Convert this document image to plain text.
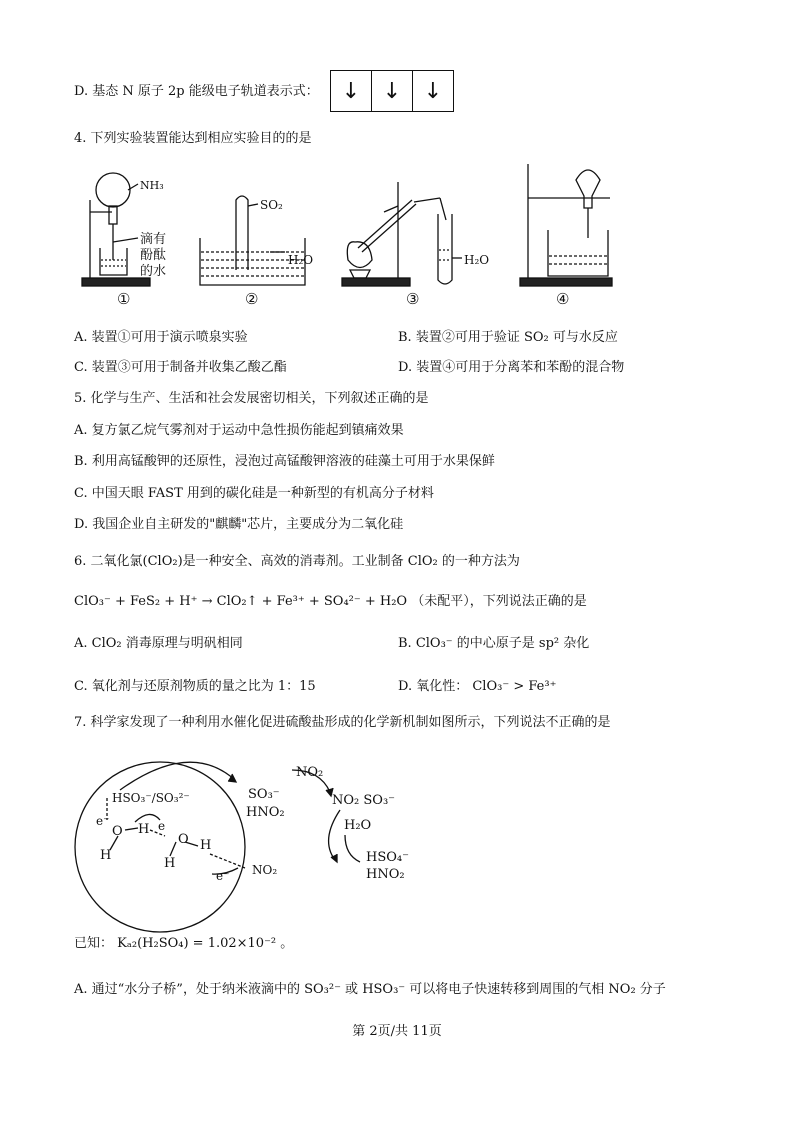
D. 基态 N 原子 2p 能级电子轨道表示式：	↓	↓	↓
4. 下列实验装置能达到相应实验目的的是
NH₃
滴有
酚酞
的水
SO₂
H₂O	H₂O
①	②	③	④
A. 装置①可用于演示喷泉实验	B. 装置②可用于验证 SO₂ 可与水反应
C. 装置③可用于制备并收集乙酸乙酯	D. 装置④可用于分离苯和苯酚的混合物
5. 化学与生产、生活和社会发展密切相关，下列叙述正确的是
A. 复方氯乙烷气雾剂对于运动中急性损伤能起到镇痛效果
B. 利用高锰酸钾的还原性，浸泡过高锰酸钾溶液的硅藻土可用于水果保鲜
C. 中国天眼 FAST 用到的碳化硅是一种新型的有机高分子材料
D. 我国企业自主研发的"麒麟"芯片，主要成分为二氧化硅
6. 二氧化氯(ClO₂)是一种安全、高效的消毒剂。工业制备 ClO₂ 的一种方法为
ClO₃⁻ + FeS₂ + H⁺ → ClO₂↑ + Fe³⁺ + SO₄²⁻ + H₂O （未配平），下列说法正确的是
A. ClO₂ 消毒原理与明矾相同	B. ClO₃⁻ 的中心原子是 sp² 杂化
C. 氧化剂与还原剂物质的量之比为 1：15	D. 氧化性： ClO₃⁻ > Fe³⁺
7. 科学家发现了一种利用水催化促进硫酸盐形成的化学新机制如图所示，下列说法不正确的是
HSO₃⁻/SO₃²⁻
e⁻	e
O H
H
O
H
H
NO₂
e⁻
SO₃⁻
HNO₂
NO₂
NO₂ SO₃⁻
H₂O
HSO₄⁻
HNO₂
已知： Kₐ₂(H₂SO₄) = 1.02×10⁻² 。
A. 通过“水分子桥”，处于纳米液滴中的 SO₃²⁻ 或 HSO₃⁻ 可以将电子快速转移到周围的气相 NO₂ 分子
第 2页/共 11页
